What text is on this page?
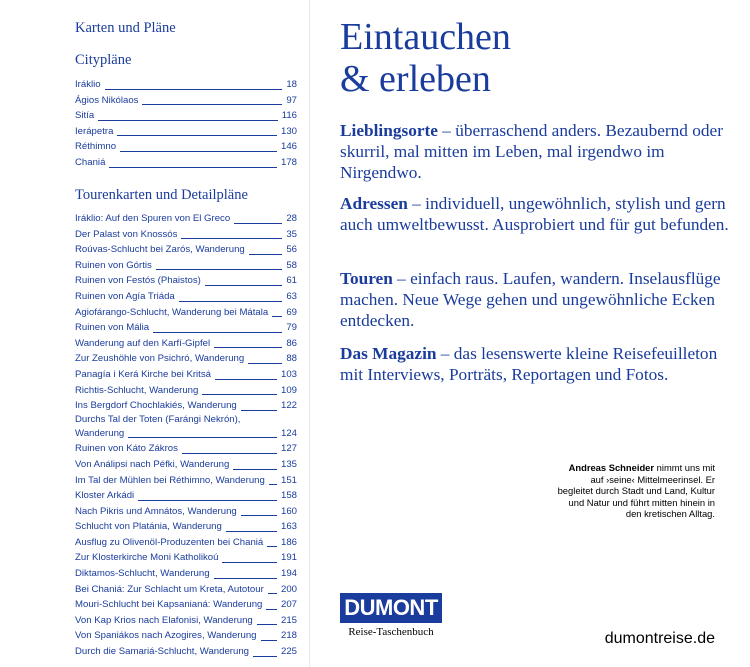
Karten und Pläne
Citypläne
Iráklio	18
Ágios Nikólaos	97
Sitía	116
Ierápetra	130
Réthimno	146
Chaniá	178
Tourenkarten und Detailpläne
Iráklio: Auf den Spuren von El Greco	28
Der Palast von Knossós	35
Roúvas-Schlucht bei Zarós, Wanderung	56
Ruinen von Górtis	58
Ruinen von Festós (Phaistos)	61
Ruinen von Agía Triáda	63
Agiofárango-Schlucht, Wanderung bei Mátala 69
Ruinen von Mália	79
Wanderung auf den Karfí-Gipfel	86
Zur Zeushöhle von Psichró, Wanderung	88
Panagía i Kerá Kirche bei Kritsá	103
Richtis-Schlucht, Wanderung	109
Ins Bergdorf Chochlakiés, Wanderung	122
Durchs Tal der Toten (Farángi Nekrón),
Wanderung	124
Ruinen von Káto Zákros	127
Von Análipsi nach Péfki, Wanderung	135
Im Tal der Mühlen bei Réthimno, Wanderung 151
Kloster Arkádi	158
Nach Pikris und Amnátos, Wanderung	160
Schlucht von Platánia, Wanderung	163
Ausflug zu Olivenöl-Produzenten bei Chaniá 186
Zur Klosterkirche Moni Katholikoú	191
Diktamos-Schlucht, Wanderung	194
Bei Chaniá: Zur Schlacht um Kreta, Autotour 200
Mouri-Schlucht bei Kapsanianá: Wanderung 207
Von Kap Krios nach Elafonisi, Wanderung	215
Von Spaniákos nach Azogires, Wanderung	218
Durch die Samariá-Schlucht, Wanderung	225
Eintauchen
& erleben
Lieblingsorte – überraschend anders. Bezaubernd oder skurril, mal mitten im Leben, mal irgendwo im Nirgendwo.
Adressen – individuell, ungewöhnlich, stylish und gern auch umweltbewusst. Ausprobiert und für gut befunden.
Touren – einfach raus. Laufen, wandern. Inselausflüge machen. Neue Wege gehen und ungewöhnliche Ecken entdecken.
Das Magazin – das lesenswerte kleine Reisefeuilleton mit Interviews, Porträts, Reportagen und Fotos.
Andreas Schneider nimmt uns mit auf ›seine‹ Mittelmeerinsel. Er begleitet durch Stadt und Land, Kultur und Natur und führt mitten hinein in den kretischen Alltag.
DUMONT
Reise-Taschenbuch	dumontreise.de
